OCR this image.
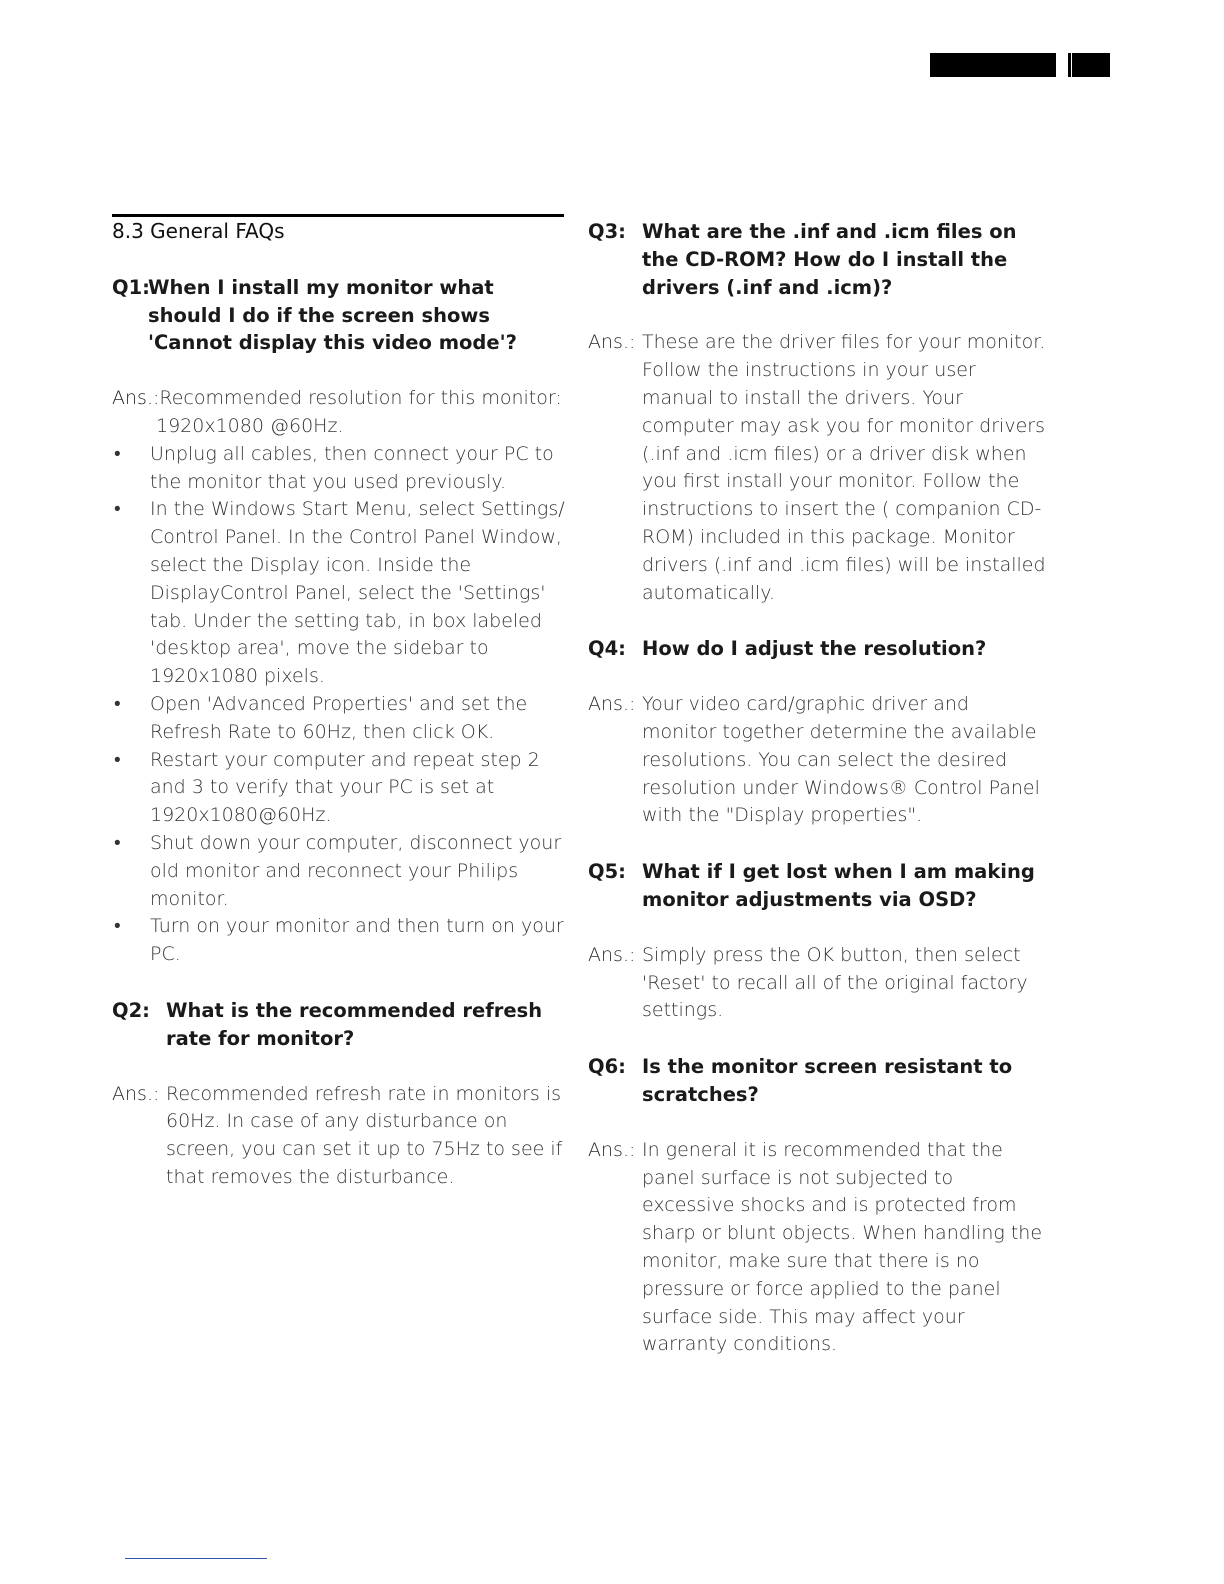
8.3 General FAQs
Q1:
When I install my monitor what should I do if the screen shows 'Cannot display this video mode'?

Ans.:Recommended resolution for this monitor:

1920x1080 @60Hz.

•	Unplug all cables, then connect your PC to the monitor that you used previously.
•	In the Windows Start Menu, select Settings/ Control Panel. In the Control Panel Window, select the Display icon. Inside the DisplayControl Panel, select the 'Settings' tab. Under the setting tab, in box labeled 'desktop area', move the sidebar to 1920x1080 pixels.
•	Open 'Advanced Properties' and set the Refresh Rate to 60Hz, then click OK.
•	Restart your computer and repeat step 2 and 3 to verify that your PC is set at 1920x1080@60Hz.
•	Shut down your computer, disconnect your old monitor and reconnect your Philips monitor.
•	Turn on your monitor and then turn on your PC.
Q2: What is the recommended refresh rate for monitor?
Ans.: Recommended refresh rate in monitors is 60Hz. In case of any disturbance on screen, you can set it up to 75Hz to see if that removes the disturbance.
Q3: What are the .inf and .icm files on the CD-ROM? How do I install the drivers (.inf and .icm)?
Ans.: These are the driver files for your monitor. Follow the instructions in your user manual to install the drivers. Your computer may ask you for monitor drivers (.inf and .icm files) or a driver disk when you first install your monitor. Follow the instructions to insert the ( companion CD-ROM) included in this package. Monitor drivers (.inf and .icm files) will be installed automatically.
Q4: How do I adjust the resolution?
Ans.: Your video card/graphic driver and monitor together determine the available resolutions. You can select the desired resolution under Windows® Control Panel with the "Display properties".
Q5: What if I get lost when I am making monitor adjustments via OSD?
Ans.: Simply press the OK button, then select 'Reset' to recall all of the original factory settings.
Q6: Is the monitor screen resistant to scratches?
Ans.: In general it is recommended that the panel surface is not subjected to excessive shocks and is protected from sharp or blunt objects. When handling the monitor, make sure that there is no pressure or force applied to the panel surface side. This may affect your warranty conditions.
